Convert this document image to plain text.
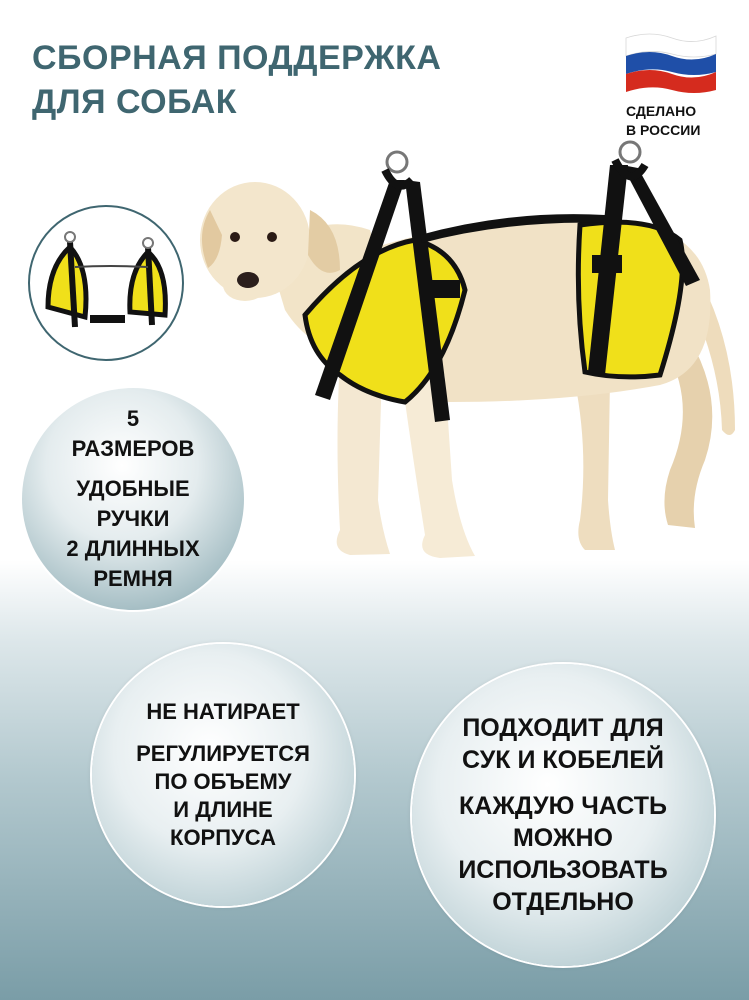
СБОРНАЯ ПОДДЕРЖКА
ДЛЯ СОБАК	СДЕЛАНО
В РОССИИ
5
РАЗМЕРОВ
УДОБНЫЕ
РУЧКИ
2 ДЛИННЫХ
РЕМНЯ
НЕ НАТИРАЕТ
РЕГУЛИРУЕТСЯ
ПО ОБЪЕМУ
И ДЛИНЕ
КОРПУСА
ПОДХОДИТ ДЛЯ
СУК И КОБЕЛЕЙ
КАЖДУЮ ЧАСТЬ
МОЖНО
ИСПОЛЬЗОВАТЬ
ОТДЕЛЬНО
